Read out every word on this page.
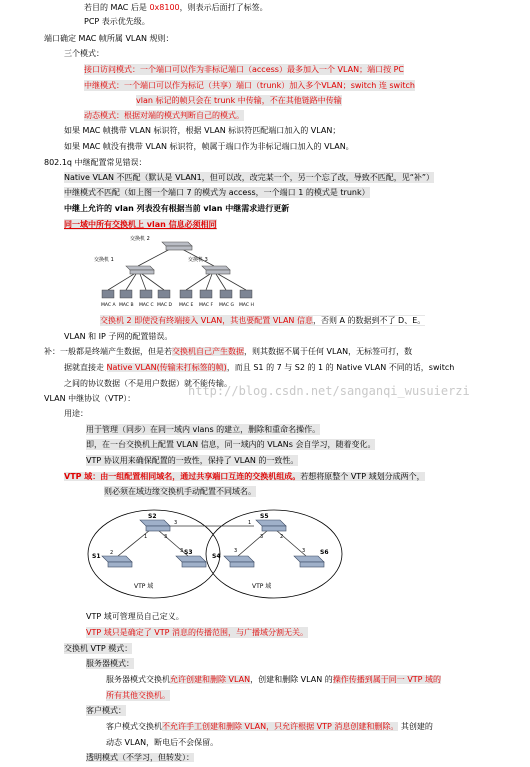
若目的 MAC 后是 0x8100，则表示后面打了标签。
PCP 表示优先级。
端口确定 MAC 帧所属 VLAN 规则：
三个模式：
接口访问模式：一个端口可以作为非标记端口（access）最多加入一个 VLAN；端口按 PC
中继模式：一个端口可以作为标记（共享）端口（trunk）加入多个VLAN；switch 连 switch
vlan 标记的帧只会在 trunk 中传输，不在其他链路中传输
动态模式：根据对端的模式判断自己的模式。
如果 MAC 帧携带 VLAN 标识符，根据 VLAN 标识符匹配端口加入的 VLAN；
如果 MAC 帧没有携带 VLAN 标识符，帧属于端口作为非标记端口加入的 VLAN。
802.1q 中继配置常见错误：
Native VLAN 不匹配（默认是 VLAN1，但可以改，改完某一个，另一个忘了改，导致不匹配，见“补”）
中继模式不匹配（如上图一个端口 7 的模式为 access，一个端口 1 的模式是 trunk）
中继上允许的 vlan 列表没有根据当前 vlan 中继需求进行更新
同一域中所有交换机上 vlan 信息必须相同
交换机 2
交换机 1	交换机 3
MAC A MAC B MAC C MAC D MAC E MAC F MAC G MAC H
交换机 2 即使没有终端接入 VLAN，其也要配置 VLAN 信息，否则 A 的数据到不了 D、E。
VLAN 和 IP 子网的配置错误。
补：一般都是终端产生数据，但是若交换机自己产生数据，则其数据不属于任何 VLAN，无标签可打，数
据就直接走 Native VLAN(传输未打标签的帧)，而且 S1 的 7 与 S2 的 1 的 Native VLAN 不同的话，switch
之间的协议数据（不是用户数据）就不能传输。
http://blog.csdn.net/sanganqi_wusuierzi
VLAN 中继协议（VTP）：
用途：
用于管理（同步）在同一域内 vlans 的建立，删除和重命名操作。
即，在一台交换机上配置 VLAN 信息，同一域内的 VLANs 会自学习，随着变化。
VTP 协议用来确保配置的一致性，保持了 VLAN 的一致性。
VTP 域：由一组配置相同域名，通过共享端口互连的交换机组成。若想将原整个 VTP 域划分成两个，
则必须在域边缘交换机手动配置不同域名。
S2
S1
S3
S5
S4
S6
1	3
3
2	3
1
3	2
3	3
VTP 域	VTP 域
VTP 域可管理员自己定义。
VTP 域只是确定了 VTP 消息的传播范围，与广播域分割无关。
交换机 VTP 模式：
服务器模式：
服务器模式交换机允许创建和删除 VLAN，创建和删除 VLAN 的操作传播到属于同一 VTP 域的
所有其他交换机。
客户模式：
客户模式交换机不允许手工创建和删除 VLAN，只允许根据 VTP 消息创建和删除。 其创建的
动态 VLAN，断电后不会保留。
透明模式（不学习，但转发）：
